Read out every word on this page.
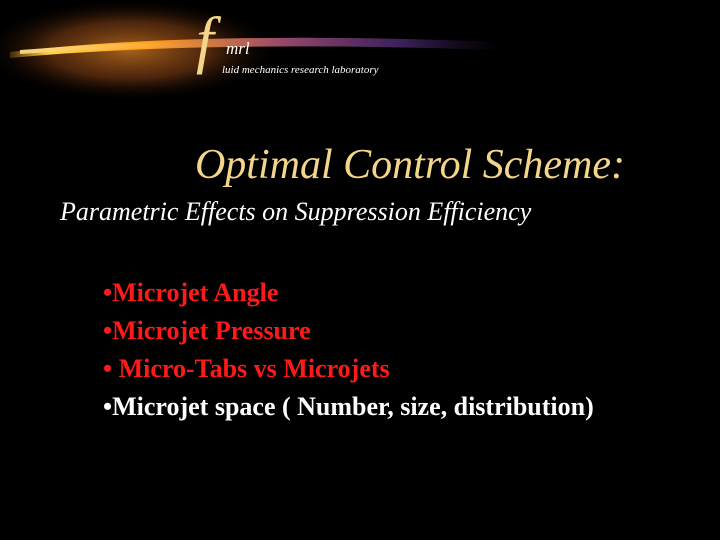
f mrl
luid mechanics research laboratory
Optimal Control Scheme:
Parametric Effects on Suppression Efficiency
•Microjet Angle
•Microjet Pressure
• Micro-Tabs vs Microjets
•Microjet space ( Number, size, distribution)
